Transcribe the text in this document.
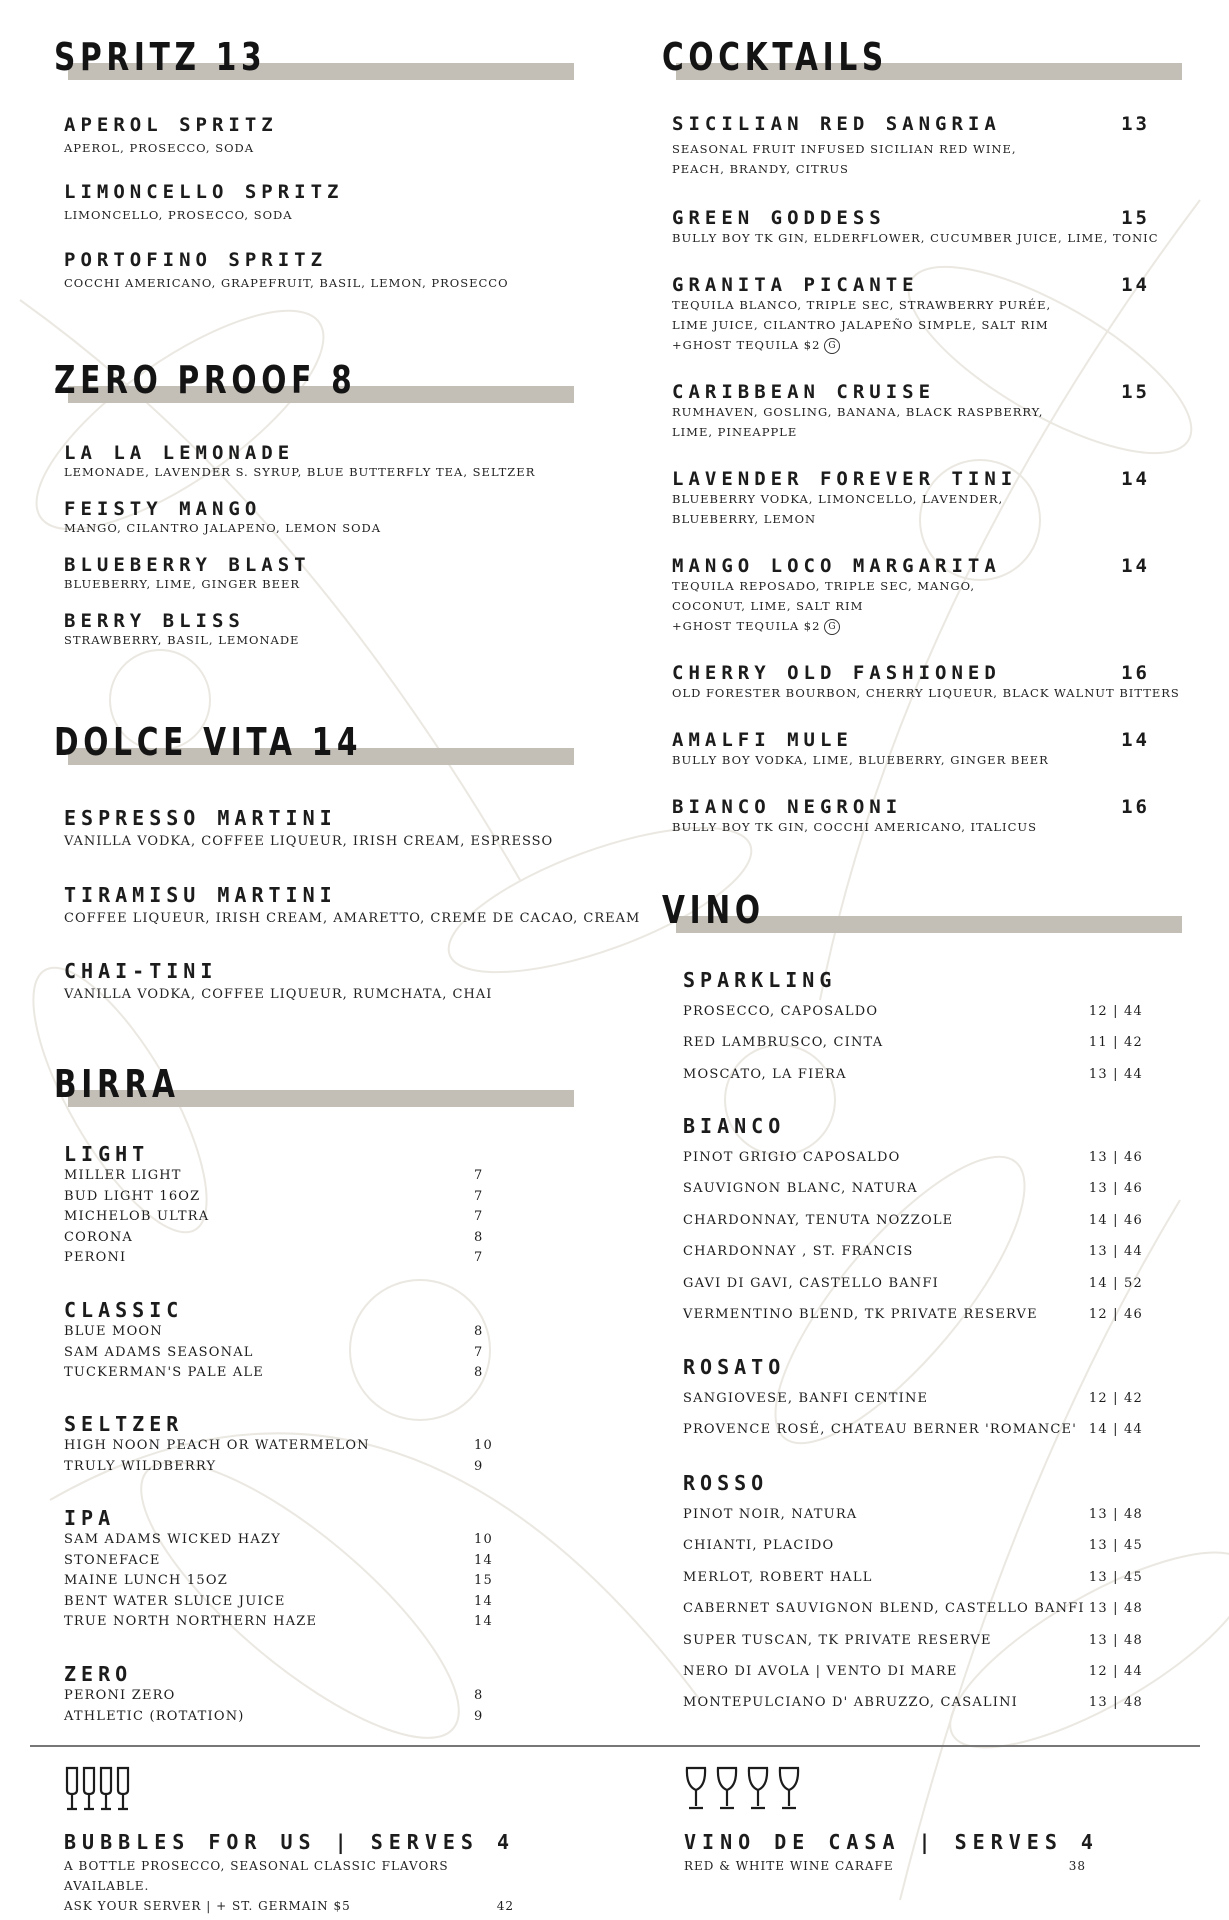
SPRITZ 13
APEROL SPRITZ
APEROL, PROSECCO, SODA
LIMONCELLO SPRITZ
LIMONCELLO, PROSECCO, SODA
PORTOFINO SPRITZ
COCCHI AMERICANO, GRAPEFRUIT, BASIL, LEMON, PROSECCO
ZERO PROOF 8
LA LA LEMONADE
LEMONADE, LAVENDER S. SYRUP, BLUE BUTTERFLY TEA, SELTZER
FEISTY MANGO
MANGO, CILANTRO JALAPENO, LEMON SODA
BLUEBERRY BLAST
BLUEBERRY, LIME, GINGER BEER
BERRY BLISS
STRAWBERRY, BASIL, LEMONADE
DOLCE VITA 14
ESPRESSO MARTINI
VANILLA VODKA, COFFEE LIQUEUR, IRISH CREAM, ESPRESSO
TIRAMISU MARTINI
COFFEE LIQUEUR, IRISH CREAM, AMARETTO, CREME DE CACAO, CREAM
CHAI-TINI
VANILLA VODKA, COFFEE LIQUEUR, RUMCHATA, CHAI
BIRRA
LIGHT
MILLER LIGHT	7
BUD LIGHT 16OZ	7
MICHELOB ULTRA	7
CORONA	8
PERONI	7
CLASSIC
BLUE MOON	8
SAM ADAMS SEASONAL	7
TUCKERMAN'S PALE ALE	8
SELTZER
HIGH NOON PEACH OR WATERMELON	10
TRULY WILDBERRY	9
IPA
SAM ADAMS WICKED HAZY	10
STONEFACE	14
MAINE LUNCH 15OZ	15
BENT WATER SLUICE JUICE	14
TRUE NORTH NORTHERN HAZE	14
ZERO
PERONI ZERO	8
ATHLETIC (ROTATION)	9
COCKTAILS
SICILIAN RED SANGRIA	13
SEASONAL FRUIT INFUSED SICILIAN RED WINE,
PEACH, BRANDY, CITRUS
GREEN GODDESS	15
BULLY BOY TK GIN, ELDERFLOWER, CUCUMBER JUICE, LIME, TONIC
GRANITA PICANTE	14
TEQUILA BLANCO, TRIPLE SEC, STRAWBERRY PURÉE,
LIME JUICE, CILANTRO JALAPEÑO SIMPLE, SALT RIM
+GHOST TEQUILA $2 G
CARIBBEAN CRUISE	15
RUMHAVEN, GOSLING, BANANA, BLACK RASPBERRY,
LIME, PINEAPPLE
LAVENDER FOREVER TINI	14
BLUEBERRY VODKA, LIMONCELLO, LAVENDER,
BLUEBERRY, LEMON
MANGO LOCO MARGARITA	14
TEQUILA REPOSADO, TRIPLE SEC, MANGO,
COCONUT, LIME, SALT RIM
+GHOST TEQUILA $2 G
CHERRY OLD FASHIONED	16
OLD FORESTER BOURBON, CHERRY LIQUEUR, BLACK WALNUT BITTERS
AMALFI MULE	14
BULLY BOY VODKA, LIME, BLUEBERRY, GINGER BEER
BIANCO NEGRONI	16
BULLY BOY TK GIN, COCCHI AMERICANO, ITALICUS
VINO
SPARKLING
PROSECCO, CAPOSALDO	12 | 44
RED LAMBRUSCO, CINTA	11 | 42
MOSCATO, LA FIERA	13 | 44
BIANCO
PINOT GRIGIO CAPOSALDO	13 | 46
SAUVIGNON BLANC, NATURA	13 | 46
CHARDONNAY, TENUTA NOZZOLE	14 | 46
CHARDONNAY , ST. FRANCIS	13 | 44
GAVI DI GAVI, CASTELLO BANFI	14 | 52
VERMENTINO BLEND, TK PRIVATE RESERVE	12 | 46
ROSATO
SANGIOVESE, BANFI CENTINE	12 | 42
PROVENCE ROSÉ, CHATEAU BERNER 'ROMANCE' 14 | 44
ROSSO
PINOT NOIR, NATURA	13 | 48
CHIANTI, PLACIDO	13 | 45
MERLOT, ROBERT HALL	13 | 45
CABERNET SAUVIGNON BLEND, CASTELLO BANFI 13 | 48
SUPER TUSCAN, TK PRIVATE RESERVE	13 | 48
NERO DI AVOLA | VENTO DI MARE	12 | 44
MONTEPULCIANO D' ABRUZZO, CASALINI	13 | 48
BUBBLES FOR US | SERVES 4
A BOTTLE PROSECCO, SEASONAL CLASSIC FLAVORS AVAILABLE.
ASK YOUR SERVER | + ST. GERMAIN $5	42
VINO DE CASA | SERVES 4
RED & WHITE WINE CARAFE	38
